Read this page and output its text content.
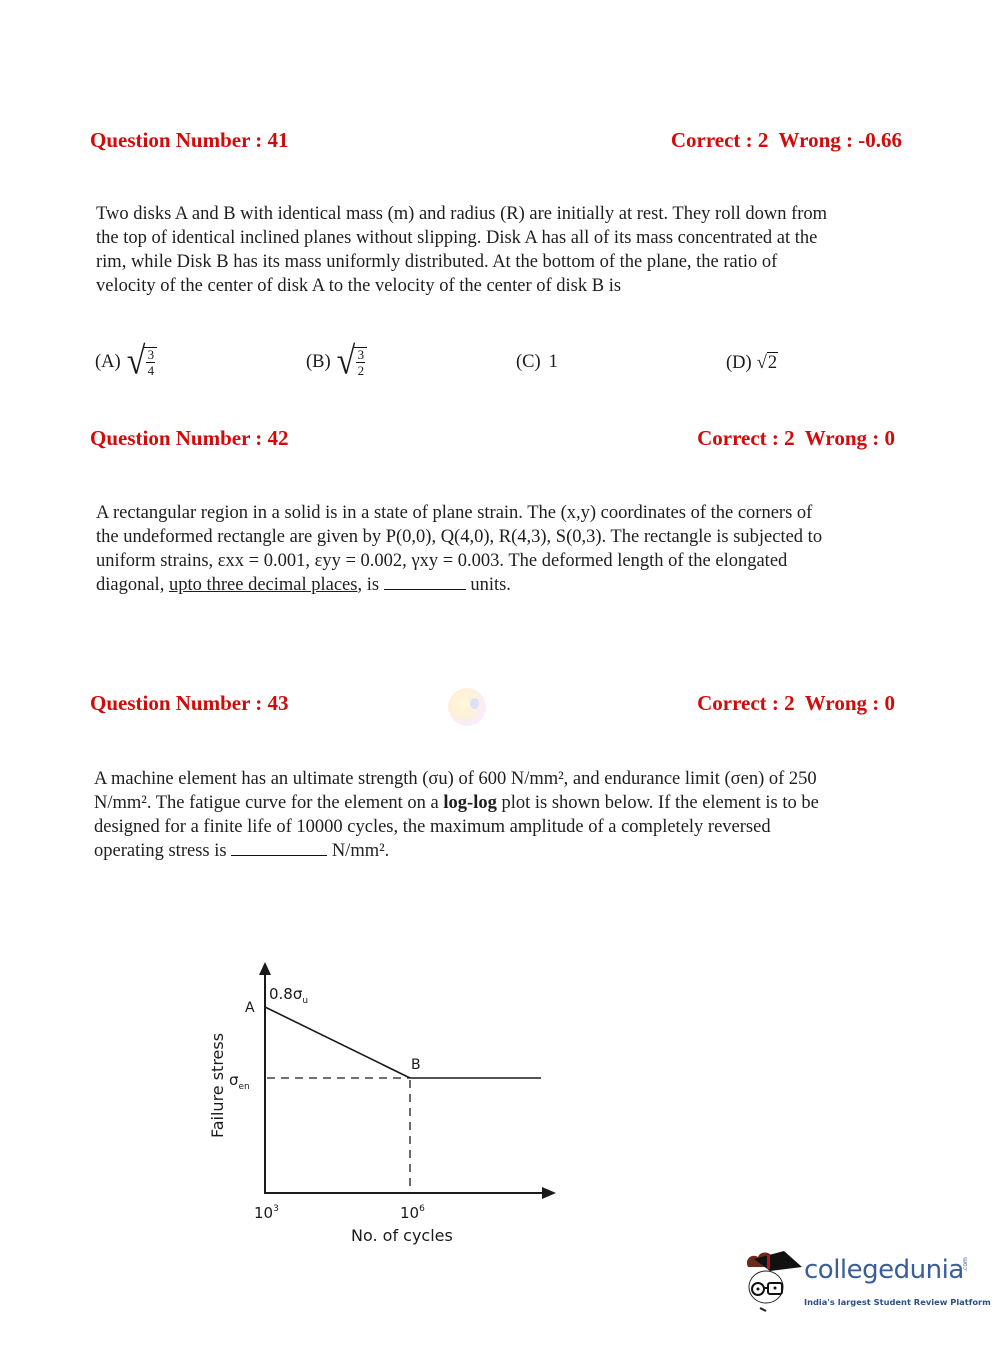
Question Number : 41	Correct : 2  Wrong : -0.66
Two disks A and B with identical mass (m) and radius (R) are initially at rest. They roll down from
the top of identical inclined planes without slipping. Disk A has all of its mass concentrated at the
rim, while Disk B has its mass uniformly distributed. At the bottom of the plane, the ratio of
velocity of the center of disk A to the velocity of the center of disk B is
(A) √ 3
4	(B) √ 3
2	(C) 1	(D) √ 2
Question Number : 42	Correct : 2  Wrong : 0
A rectangular region in a solid is in a state of plane strain. The (x,y) coordinates of the corners of
the undeformed rectangle are given by P(0,0), Q(4,0), R(4,3), S(0,3). The rectangle is subjected to
uniform strains, εxx = 0.001, εyy = 0.002, γxy = 0.003. The deformed length of the elongated
diagonal, upto three decimal places, is	units.
Question Number : 43	Correct : 2  Wrong : 0
A machine element has an ultimate strength (σu) of 600 N/mm², and endurance limit (σen) of 250
N/mm². The fatigue curve for the element on a log-log plot is shown below. If the element is to be
designed for a finite life of 10000 cycles, the maximum amplitude of a completely reversed
operating stress is	N/mm².
A
B
$0.8\sigma_u$
$\sigma_{en}$
$10^3$	$10^6$
No. of cycles
Failure stress
collegedunia
.com
India's largest Student Review Platform
